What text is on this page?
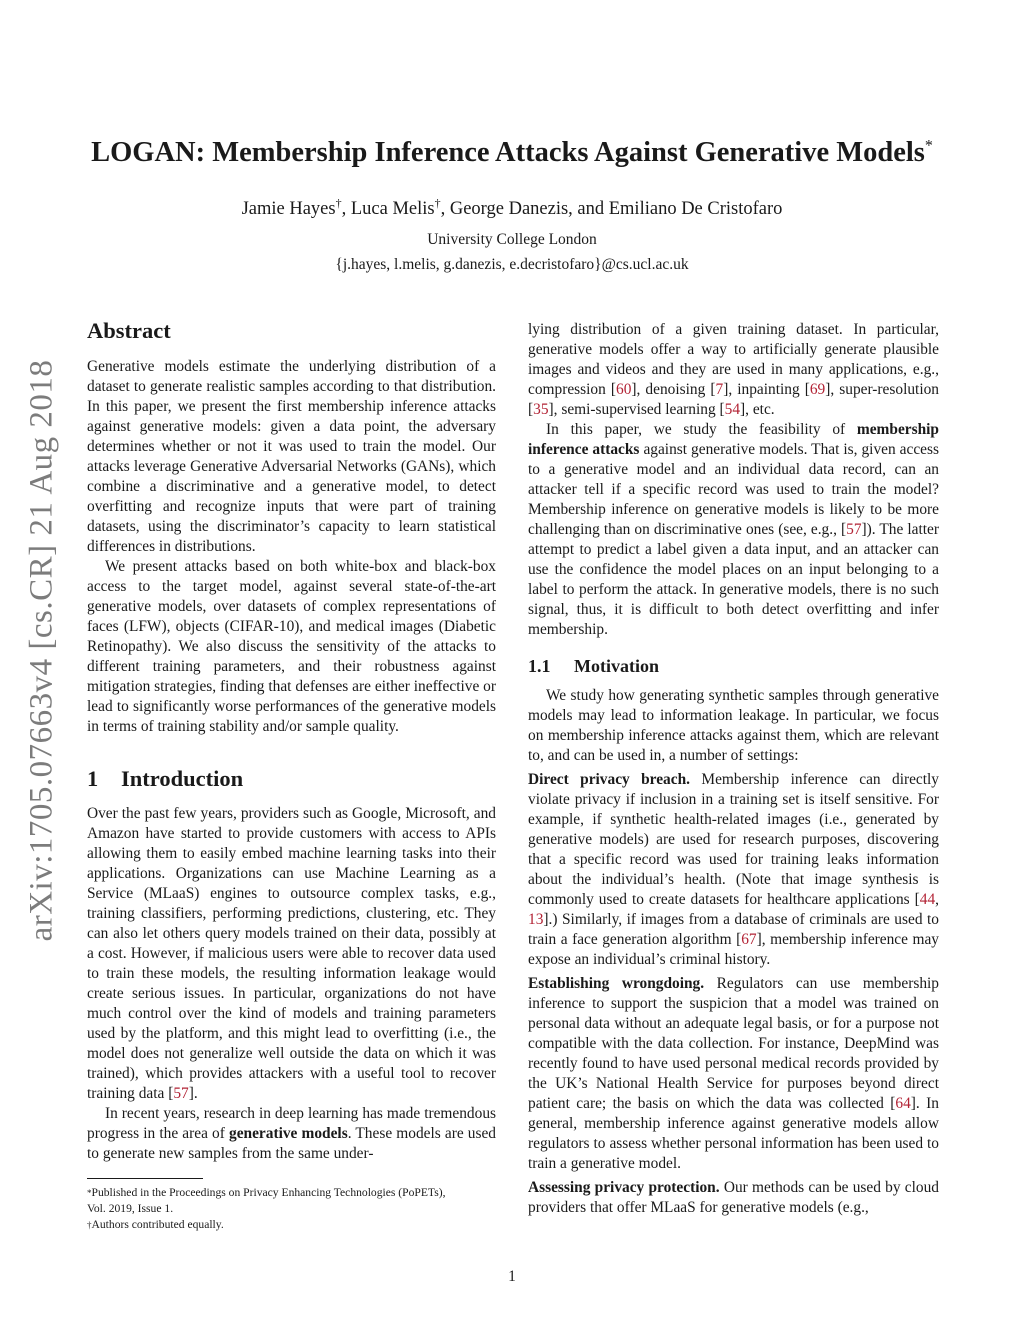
arXiv:1705.07663v4 [cs.CR] 21 Aug 2018
LOGAN: Membership Inference Attacks Against Generative Models*
Jamie Hayes†, Luca Melis†, George Danezis, and Emiliano De Cristofaro
University College London
{j.hayes, l.melis, g.danezis, e.decristofaro}@cs.ucl.ac.uk
Abstract

Generative models estimate the underlying distribution of a dataset to generate realistic samples according to that distribution. In this paper, we present the first membership inference attacks against generative models: given a data point, the adversary determines whether or not it was used to train the model. Our attacks leverage Generative Adversarial Networks (GANs), which combine a discriminative and a generative model, to detect overfitting and recognize inputs that were part of training datasets, using the discriminator’s capacity to learn statistical differences in distributions.

We present attacks based on both white-box and black-box access to the target model, against several state-of-the-art generative models, over datasets of complex representations of faces (LFW), objects (CIFAR-10), and medical images (Diabetic Retinopathy). We also discuss the sensitivity of the attacks to different training parameters, and their robustness against mitigation strategies, finding that defenses are either ineffective or lead to significantly worse performances of the generative models in terms of training stability and/or sample quality.

1 Introduction

Over the past few years, providers such as Google, Microsoft, and Amazon have started to provide customers with access to APIs allowing them to easily embed machine learning tasks into their applications. Organizations can use Machine Learning as a Service (MLaaS) engines to outsource complex tasks, e.g., training classifiers, performing predictions, clustering, etc. They can also let others query models trained on their data, possibly at a cost. However, if malicious users were able to recover data used to train these models, the resulting information leakage would create serious issues. In particular, organizations do not have much control over the kind of models and training parameters used by the platform, and this might lead to overfitting (i.e., the model does not generalize well outside the data on which it was trained), which provides attackers with a useful tool to recover training data [57].

In recent years, research in deep learning has made tremendous progress in the area of generative models. These models are used to generate new samples from the same under-

*Published in the Proceedings on Privacy Enhancing Technologies (PoPETs),

Vol. 2019, Issue 1.

†Authors contributed equally.

lying distribution of a given training dataset. In particular, generative models offer a way to artificially generate plausible images and videos and they are used in many applications, e.g., compression [60], denoising [7], inpainting [69], super-resolution [35], semi-supervised learning [54], etc.

In this paper, we study the feasibility of membership inference attacks against generative models. That is, given access to a generative model and an individual data record, can an attacker tell if a specific record was used to train the model? Membership inference on generative models is likely to be more challenging than on discriminative ones (see, e.g., [57]). The latter attempt to predict a label given a data input, and an attacker can use the confidence the model places on an input belonging to a label to perform the attack. In generative models, there is no such signal, thus, it is difficult to both detect overfitting and infer membership.

1.1 Motivation

We study how generating synthetic samples through generative models may lead to information leakage. In particular, we focus on membership inference attacks against them, which are relevant to, and can be used in, a number of settings:

Direct privacy breach. Membership inference can directly violate privacy if inclusion in a training set is itself sensitive. For example, if synthetic health-related images (i.e., generated by generative models) are used for research purposes, discovering that a specific record was used for training leaks information about the individual’s health. (Note that image synthesis is commonly used to create datasets for healthcare applications [44, 13].) Similarly, if images from a database of criminals are used to train a face generation algorithm [67], membership inference may expose an individual’s criminal history.

Establishing wrongdoing. Regulators can use membership inference to support the suspicion that a model was trained on personal data without an adequate legal basis, or for a purpose not compatible with the data collection. For instance, DeepMind was recently found to have used personal medical records provided by the UK’s National Health Service for purposes beyond direct patient care; the basis on which the data was collected [64]. In general, membership inference against generative models allow regulators to assess whether personal information has been used to train a generative model.

Assessing privacy protection. Our methods can be used by cloud providers that offer MLaaS for generative models (e.g.,

1
